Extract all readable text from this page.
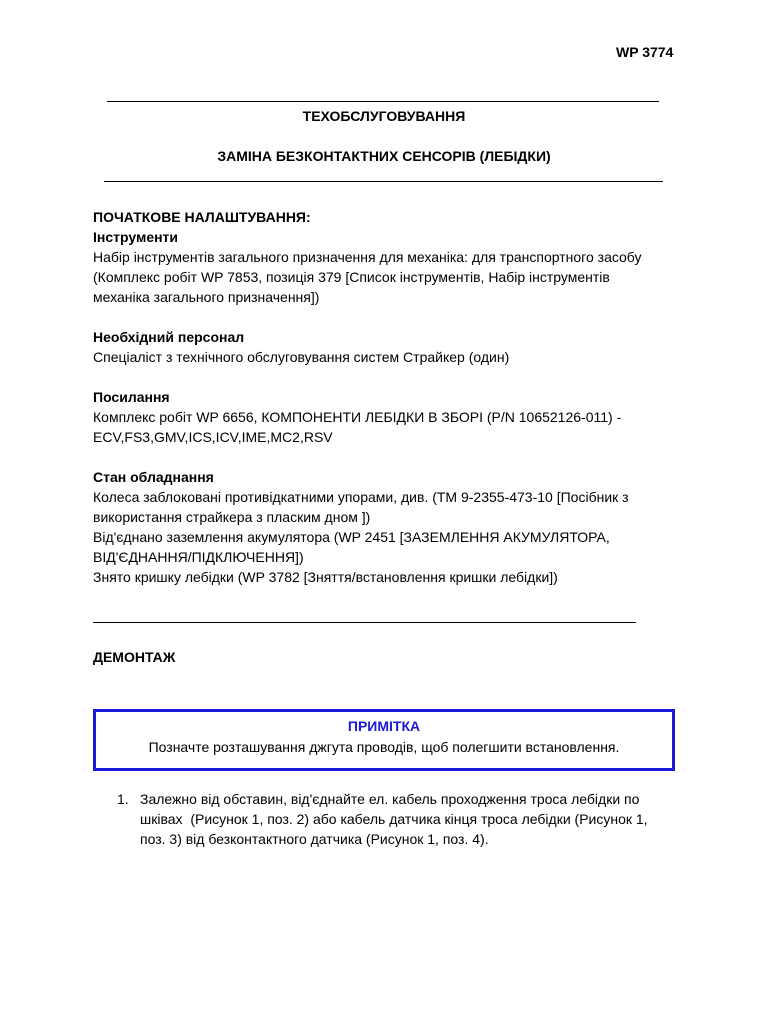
WP 3774
ТЕХОБСЛУГОВУВАННЯ
ЗАМІНА БЕЗКОНТАКТНИХ СЕНСОРІВ (ЛЕБІДКИ)
ПОЧАТКОВЕ НАЛАШТУВАННЯ:
Інструменти
Набір інструментів загального призначення для механіка: для транспортного засобу
(Комплекс робіт WP 7853, позиція 379 [Список інструментів, Набір інструментів
механіка загального призначення])
Необхідний персонал
Спеціаліст з технічного обслуговування систем Страйкер (один)
Посилання
Комплекс робіт WP 6656, КОМПОНЕНТИ ЛЕБІДКИ В ЗБОРІ (P/N 10652126-011) -
ECV,FS3,GMV,ICS,ICV,IME,MC2,RSV
Стан обладнання
Колеса заблоковані противідкатними упорами, див. (TM 9-2355-473-10 [Посібник з
використання страйкера з пласким дном ])
Від'єднано заземлення акумулятора (WP 2451 [ЗАЗЕМЛЕННЯ АКУМУЛЯТОРА,
ВІД'ЄДНАННЯ/ПІДКЛЮЧЕННЯ])
Знято кришку лебідки (WP 3782 [Зняття/встановлення кришки лебідки])
ДЕМОНТАЖ
ПРИМІТКА
Позначте розташування джгута проводів, щоб полегшити встановлення.
1. Залежно від обставин, від'єднайте ел. кабель проходження троса лебідки по
шківах  (Рисунок 1, поз. 2) або кабель датчика кінця троса лебідки (Рисунок 1,
поз. 3) від безконтактного датчика (Рисунок 1, поз. 4).
